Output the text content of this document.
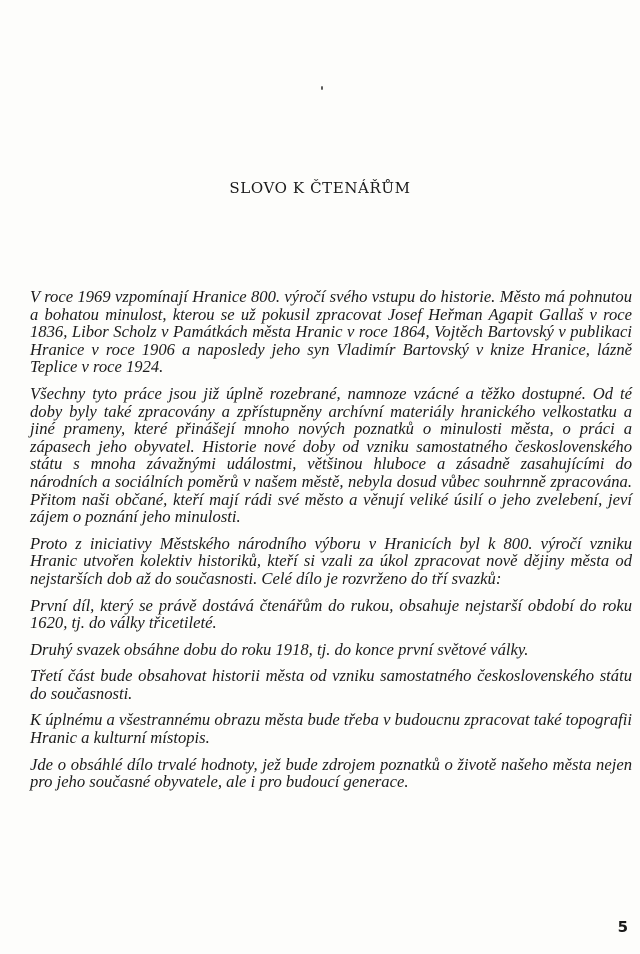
SLOVO K ČTENÁŘŮM

V roce 1969 vzpomínají Hranice 800. výročí svého vstupu do historie. Město má pohnutou a bohatou minulost, kterou se už pokusil zpracovat Josef Heřman Agapit Gallaš v roce 1836, Libor Scholz v Památkách města Hranic v roce 1864, Vojtěch Bartovský v publikaci Hranice v roce 1906 a naposledy jeho syn Vladimír Bartovský v knize Hranice, lázně Teplice v roce 1924.

Všechny tyto práce jsou již úplně rozebrané, namnoze vzácné a těžko dostupné. Od té doby byly také zpracovány a zpřístupněny archívní materiály hranického velkostatku a jiné prameny, které přinášejí mnoho nových poznatků o minulosti města, o práci a zápasech jeho obyvatel. Historie nové doby od vzniku samostatného československého státu s mnoha závažnými událostmi, většinou hluboce a zásadně zasahujícími do národních a sociálních poměrů v našem městě, nebyla dosud vůbec souhrnně zpracována. Přitom naši občané, kteří mají rádi své město a věnují veliké úsilí o jeho zvelebení, jeví zájem o poznání jeho minulosti.

Proto z iniciativy Městského národního výboru v Hranicích byl k 800. výročí vzniku Hranic utvořen kolektiv historiků, kteří si vzali za úkol zpracovat nově dějiny města od nejstarších dob až do současnosti. Celé dílo je rozvrženo do tří svazků:

První díl, který se právě dostává čtenářům do rukou, obsahuje nejstarší období do roku 1620, tj. do války třicetileté.

Druhý svazek obsáhne dobu do roku 1918, tj. do konce první světové války.

Třetí část bude obsahovat historii města od vzniku samostatného československého státu do současnosti.

K úplnému a všestrannému obrazu města bude třeba v budoucnu zpracovat také topografii Hranic a kulturní místopis.

Jde o obsáhlé dílo trvalé hodnoty, jež bude zdrojem poznatků o životě našeho města nejen pro jeho současné obyvatele, ale i pro budoucí generace.

5
